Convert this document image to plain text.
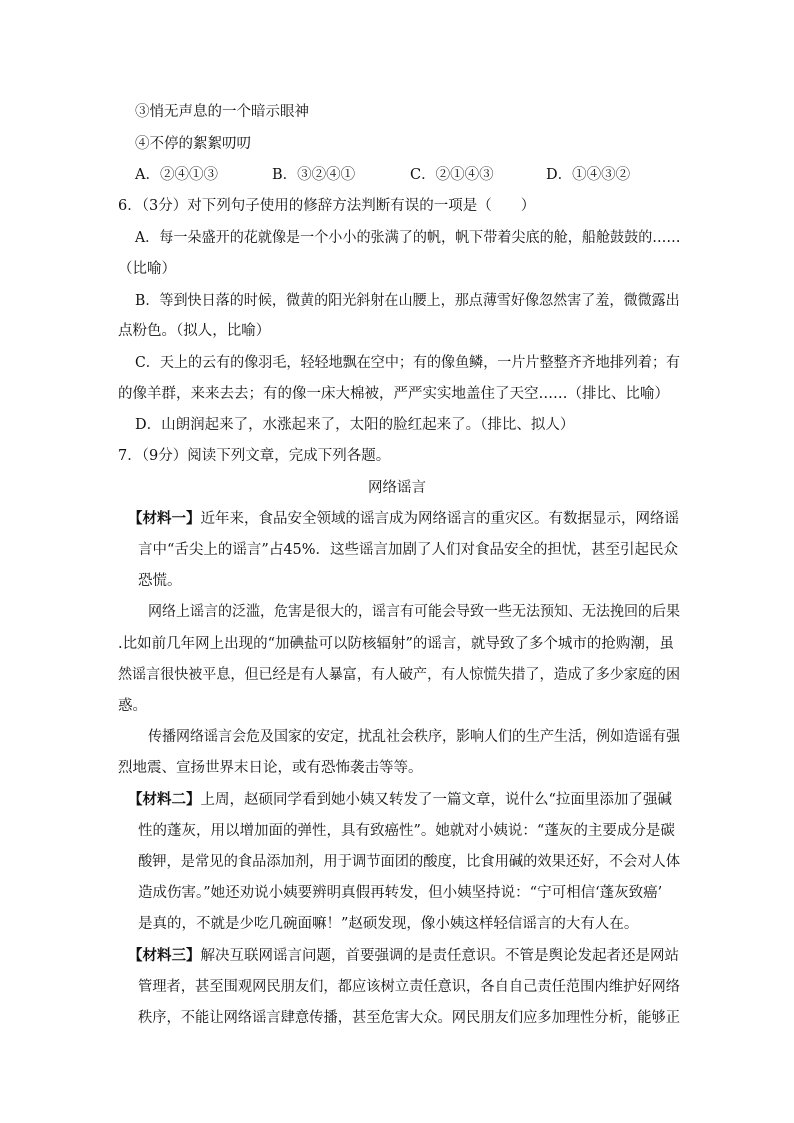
③悄无声息的一个暗示眼神
④不停的絮絮叨叨
A．②④①③	B．③②④①	C．②①④③	D．①④③②
6．（3分）对下列句子使用的修辞方法判断有误的一项是（　　）
A．每一朵盛开的花就像是一个小小的张满了的帆，帆下带着尖底的舱，船舱鼓鼓的……
（比喻）
B．等到快日落的时候，微黄的阳光斜射在山腰上，那点薄雪好像忽然害了羞，微微露出
点粉色。（拟人，比喻）
C．天上的云有的像羽毛，轻轻地飘在空中；有的像鱼鳞，一片片整整齐齐地排列着；有
的像羊群，来来去去；有的像一床大棉被，严严实实地盖住了天空……（排比、比喻）
D．山朗润起来了，水涨起来了，太阳的脸红起来了。（排比、拟人）
7．（9分）阅读下列文章，完成下列各题。
网络谣言
【材料一】近年来，食品安全领域的谣言成为网络谣言的重灾区。有数据显示，网络谣
言中“舌尖上的谣言”占45%．这些谣言加剧了人们对食品安全的担忧，甚至引起民众
恐慌。
网络上谣言的泛滥，危害是很大的，谣言有可能会导致一些无法预知、无法挽回的后果
.比如前几年网上出现的“加碘盐可以防核辐射”的谣言，就导致了多个城市的抢购潮，虽
然谣言很快被平息，但已经是有人暴富，有人破产，有人惊慌失措了，造成了多少家庭的困
惑。
传播网络谣言会危及国家的安定，扰乱社会秩序，影响人们的生产生活，例如造谣有强
烈地震、宣扬世界末日论，或有恐怖袭击等等。
【材料二】上周，赵硕同学看到她小姨又转发了一篇文章，说什么“拉面里添加了强碱
性的蓬灰，用以增加面的弹性，具有致癌性”。她就对小姨说：“蓬灰的主要成分是碳
酸钾，是常见的食品添加剂，用于调节面团的酸度，比食用碱的效果还好，不会对人体
造成伤害。”她还劝说小姨要辨明真假再转发，但小姨坚持说：“宁可相信‘蓬灰致癌’
是真的，不就是少吃几碗面嘛！”赵硕发现，像小姨这样轻信谣言的大有人在。
【材料三】解决互联网谣言问题，首要强调的是责任意识。不管是舆论发起者还是网站
管理者，甚至围观网民朋友们，都应该树立责任意识，各自自己责任范围内维护好网络
秩序，不能让网络谣言肆意传播，甚至危害大众。网民朋友们应多加理性分析，能够正
